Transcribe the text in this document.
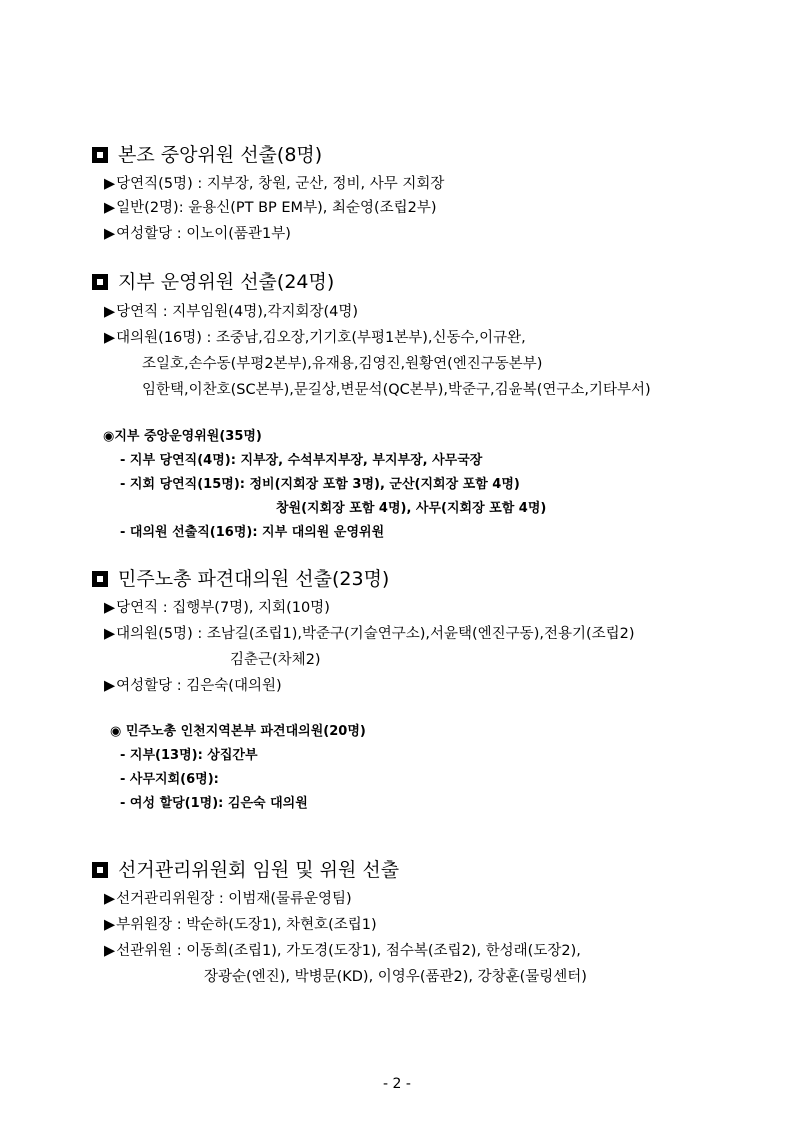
본조 중앙위원 선출(8명)
▶당연직(5명) : 지부장, 창원, 군산, 정비, 사무 지회장
▶일반(2명): 윤용신(PT BP EM부), 최순영(조립2부)
▶여성할당 : 이노이(품관1부)
지부 운영위원 선출(24명)
▶당연직 : 지부임원(4명),각지회장(4명)
▶대의원(16명) : 조중남,김오장,기기호(부평1본부),신동수,이규완,
조일호,손수동(부평2본부),유재용,김영진,원황연(엔진구동본부)
임한택,이찬호(SC본부),문길상,변문석(QC본부),박준구,김윤복(연구소,기타부서)
◉지부 중앙운영위원(35명)
- 지부 당연직(4명): 지부장, 수석부지부장, 부지부장, 사무국장
- 지회 당연직(15명): 정비(지회장 포함 3명), 군산(지회장 포함 4명)
창원(지회장 포함 4명), 사무(지회장 포함 4명)
- 대의원 선출직(16명): 지부 대의원 운영위원
민주노총 파견대의원 선출(23명)
▶당연직 : 집행부(7명), 지회(10명)
▶대의원(5명) : 조남길(조립1),박준구(기술연구소),서윤택(엔진구동),전용기(조립2)
김춘근(차체2)
▶여성할당 : 김은숙(대의원)
◉ 민주노총 인천지역본부 파견대의원(20명)
- 지부(13명): 상집간부
- 사무지회(6명):
- 여성 할당(1명): 김은숙 대의원
선거관리위원회 임원 및 위원 선출
▶선거관리위원장 : 이범재(물류운영팀)
▶부위원장 : 박순하(도장1), 차현호(조립1)
▶선관위원 : 이동희(조립1), 가도경(도장1), 점수복(조립2), 한성래(도장2),
장광순(엔진), 박병문(KD), 이영우(품관2), 강창훈(물링센터)
- 2 -
